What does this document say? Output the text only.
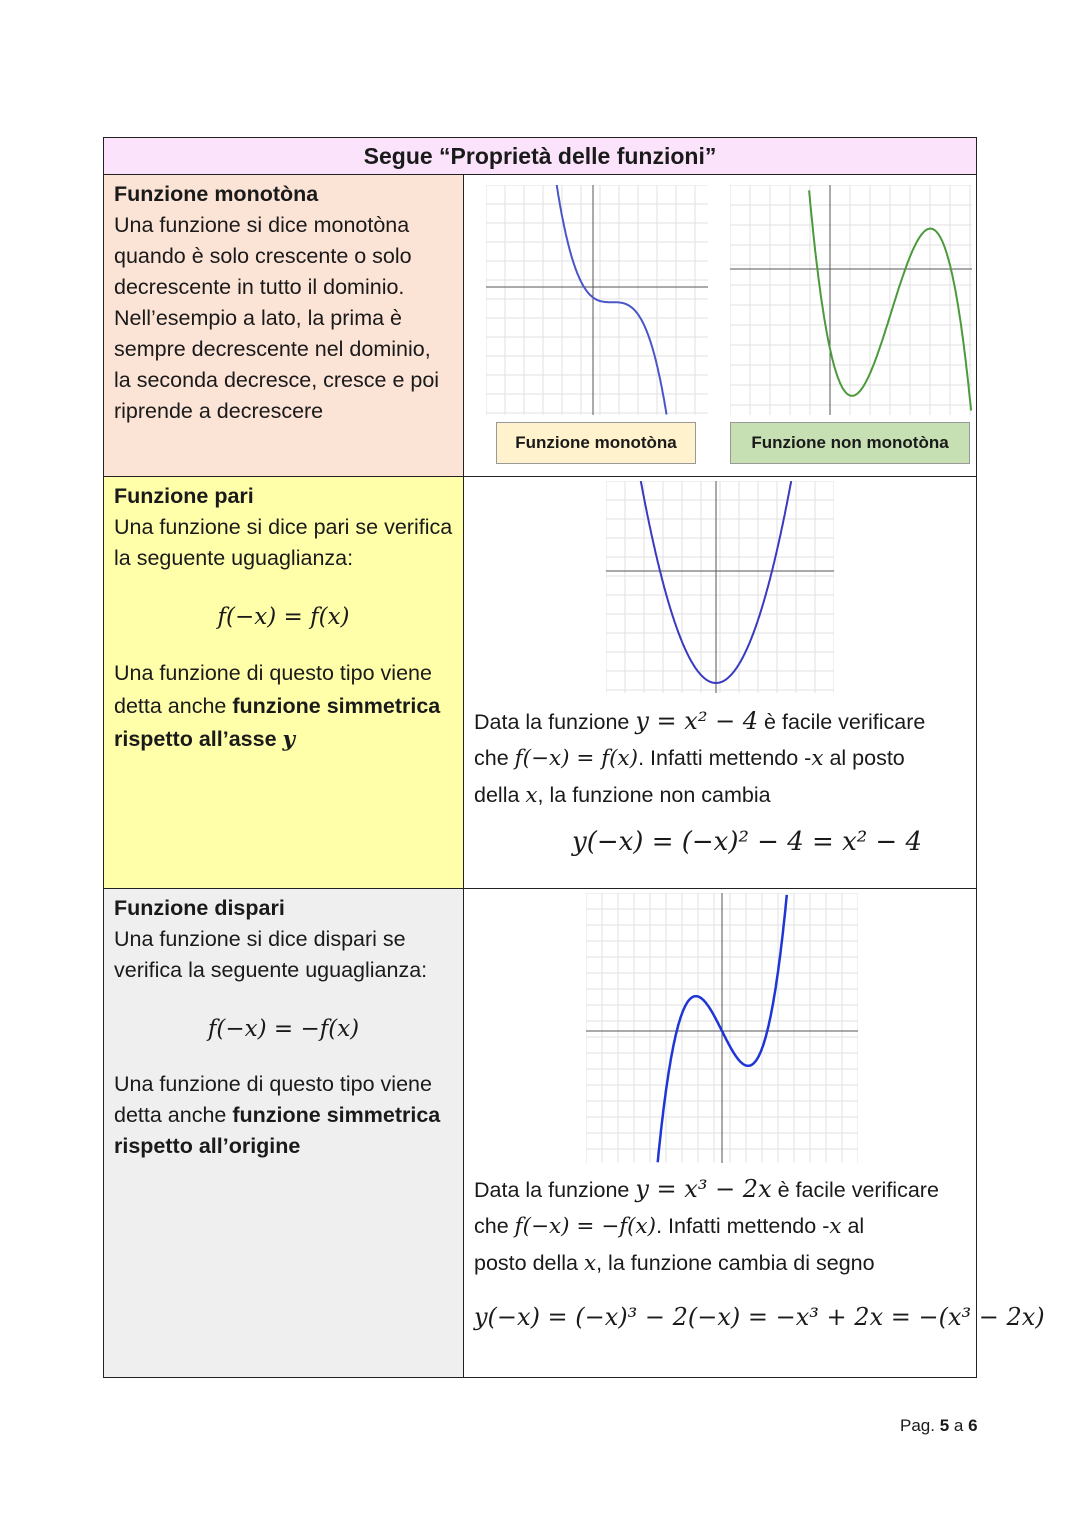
Segue “Proprietà delle funzioni”
Funzione monotòna
Una funzione si dice monotòna quando è solo crescente o solo decrescente in tutto il dominio. Nell’esempio a lato, la prima è sempre decrescente nel dominio, la seconda decresce, cresce e poi riprende a decrescere
Funzione monotòna	Funzione non monotòna
Funzione pari
Una funzione si dice pari se verifica la seguente uguaglianza:
f(−x) = f(x)
Una funzione di questo tipo viene detta anche funzione simmetrica rispetto all’asse y
Data la funzione y = x² − 4 è facile verificare
che f(−x) = f(x). Infatti mettendo -x al posto
della x, la funzione non cambia
y(−x) = (−x)² − 4 = x² − 4
Funzione dispari
Una funzione si dice dispari se verifica la seguente uguaglianza:
f(−x) = −f(x)
Una funzione di questo tipo viene detta anche funzione simmetrica rispetto all’origine
Data la funzione y = x³ − 2x è facile verificare
che f(−x) = −f(x). Infatti mettendo -x al
posto della x, la funzione cambia di segno
y(−x) = (−x)³ − 2(−x) = −x³ + 2x = −(x³ − 2x)
Pag. 5 a 6
